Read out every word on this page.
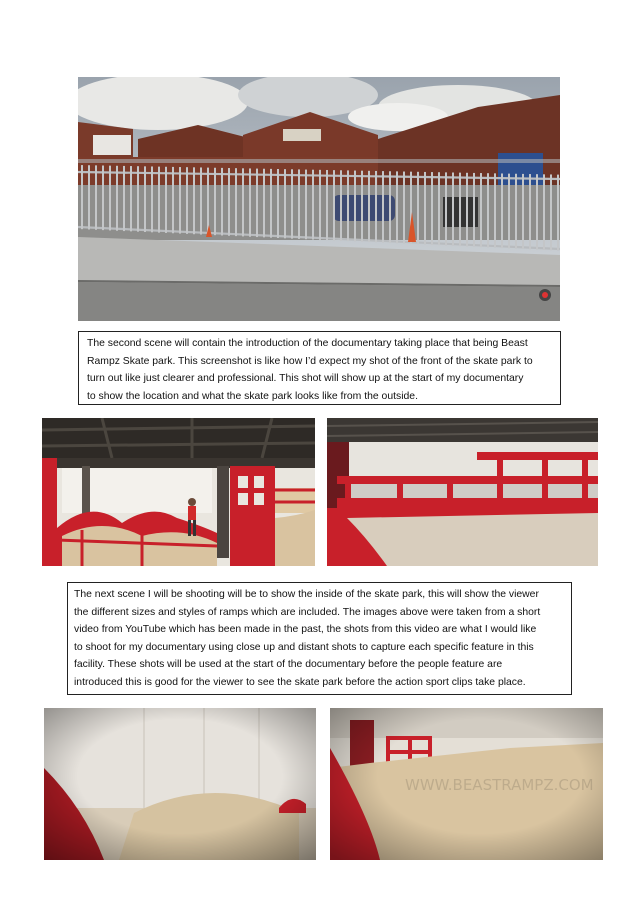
The second scene will contain the introduction of the documentary taking place that being Beast

Rampz Skate park. This screenshot is like how I’d expect my shot of the front of the skate park to

turn out like just clearer and professional. This shot will show up at the start of my documentary

to show the location and what the skate park looks like from the outside.

The next scene I will be shooting will be to show the inside of the skate park, this will show the viewer

the different sizes and styles of ramps which are included. The images above were taken from a short

video from YouTube which has been made in the past, the shots from this video are what I would like

to shoot for my documentary using close up and distant shots to capture each specific feature in this

facility. These shots will be used at the start of the documentary before the people feature are

introduced this is good for the viewer to see the skate park before the action sport clips take place.
